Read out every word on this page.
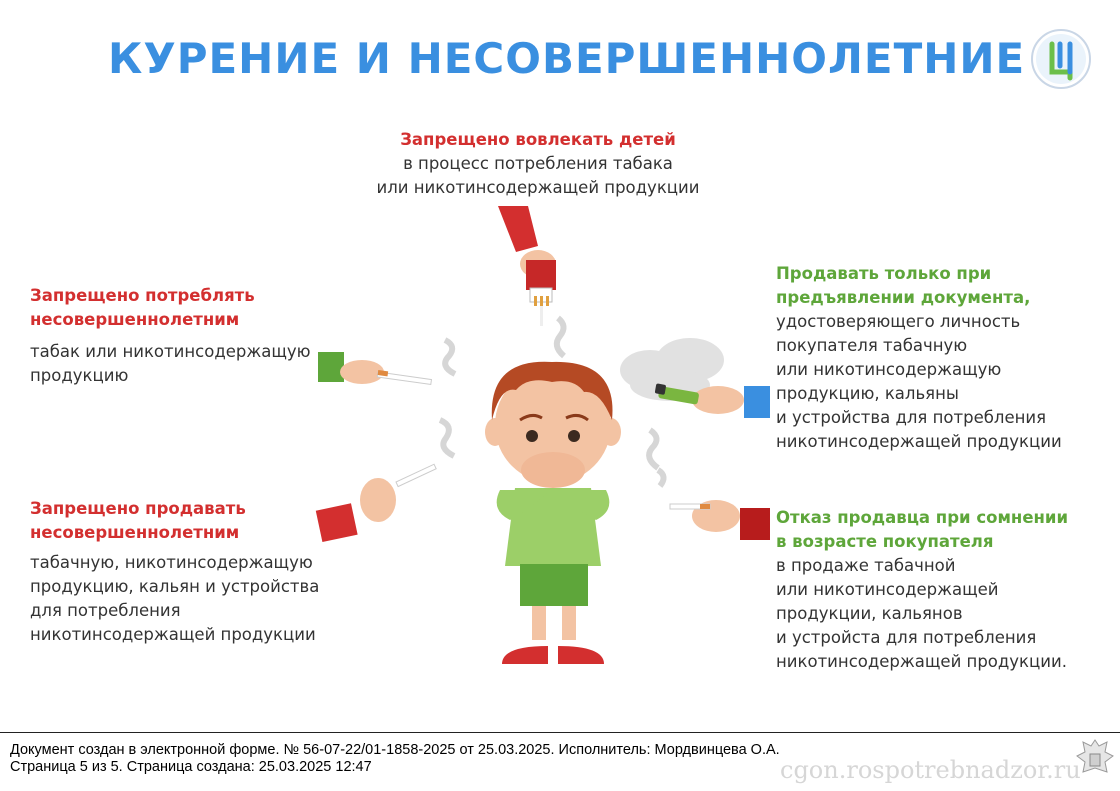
КУРЕНИЕ И НЕСОВЕРШЕННОЛЕТНИЕ
Запрещено вовлекать детей
в процесс потребления табака
или никотинсодержащей продукции
Запрещено потреблять
несовершеннолетним
табак или никотинсодержащую
продукцию
Запрещено продавать
несовершеннолетним
табачную, никотинсодержащую
продукцию, кальян и устройства
для потребления
никотинсодержащей продукции
Продавать только при
предъявлении документа,
удостоверяющего личность
покупателя табачную
или никотинсодержащую
продукцию, кальяны
и устройства для потребления
никотинсодержащей продукции
Отказ продавца при сомнении
в возрасте покупателя
в продаже табачной
или никотинсодержащей
продукции, кальянов
и устройста для потребления
никотинсодержащей продукции.
cgon.rospotrebnadzor.ru
Документ создан в электронной форме. № 56-07-22/01-1858-2025 от 25.03.2025. Исполнитель: Мордвинцева О.А.
Страница 5 из 5. Страница создана: 25.03.2025 12:47
